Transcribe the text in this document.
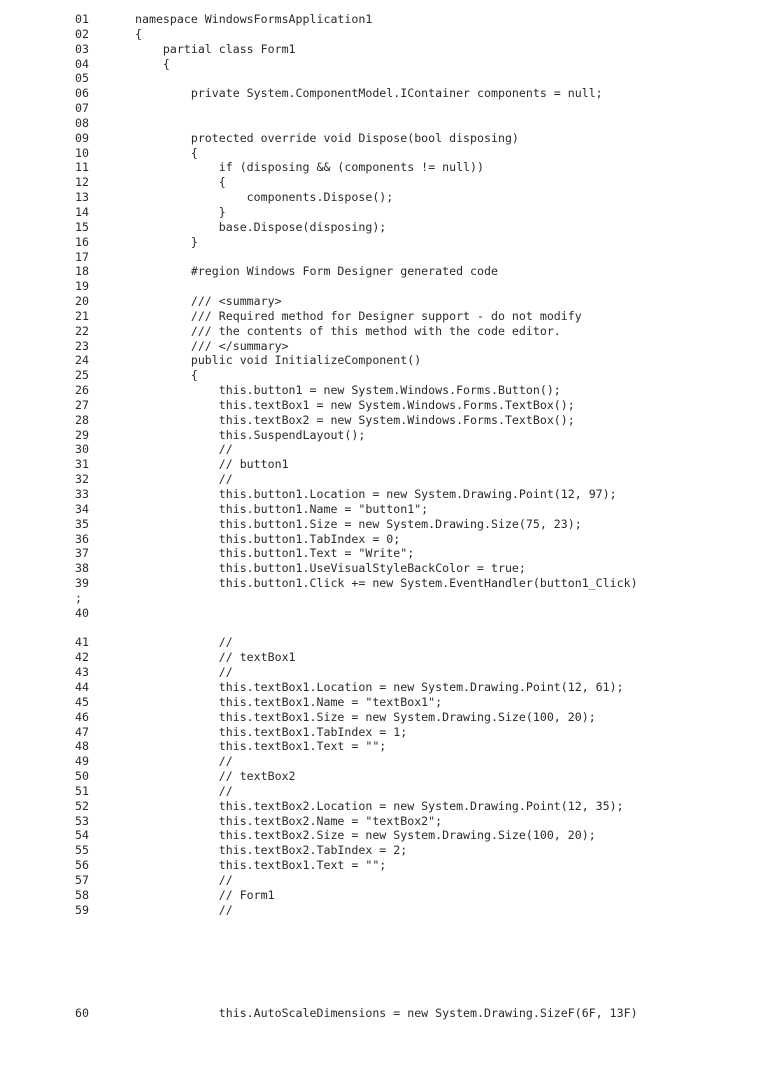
01	namespace WindowsFormsApplication1
02	{
03	partial class Form1
04	{
05
06	private System.ComponentModel.IContainer components = null;
07
08
09	protected override void Dispose(bool disposing)
10	{
11	if (disposing && (components != null))
12	{
13	components.Dispose();
14	}
15	base.Dispose(disposing);
16	}
17
18	#region Windows Form Designer generated code
19
20	/// <summary>
21	/// Required method for Designer support - do not modify
22	/// the contents of this method with the code editor.
23	/// </summary>
24	public void InitializeComponent()
25	{
26	this.button1 = new System.Windows.Forms.Button();
27	this.textBox1 = new System.Windows.Forms.TextBox();
28	this.textBox2 = new System.Windows.Forms.TextBox();
29	this.SuspendLayout();
30	//
31	// button1
32	//
33	this.button1.Location = new System.Drawing.Point(12, 97);
34	this.button1.Name = "button1";
35	this.button1.Size = new System.Drawing.Size(75, 23);
36	this.button1.TabIndex = 0;
37	this.button1.Text = "Write";
38	this.button1.UseVisualStyleBackColor = true;
39	this.button1.Click += new System.EventHandler(button1_Click)
;
40
41	//
42	// textBox1
43	//
44	this.textBox1.Location = new System.Drawing.Point(12, 61);
45	this.textBox1.Name = "textBox1";
46	this.textBox1.Size = new System.Drawing.Size(100, 20);
47	this.textBox1.TabIndex = 1;
48	this.textBox1.Text = "";
49	//
50	// textBox2
51	//
52	this.textBox2.Location = new System.Drawing.Point(12, 35);
53	this.textBox2.Name = "textBox2";
54	this.textBox2.Size = new System.Drawing.Size(100, 20);
55	this.textBox2.TabIndex = 2;
56	this.textBox1.Text = "";
57	//
58	// Form1
59	//

60

	this.AutoScaleDimensions = new System.Drawing.SizeF(6F, 13F)
